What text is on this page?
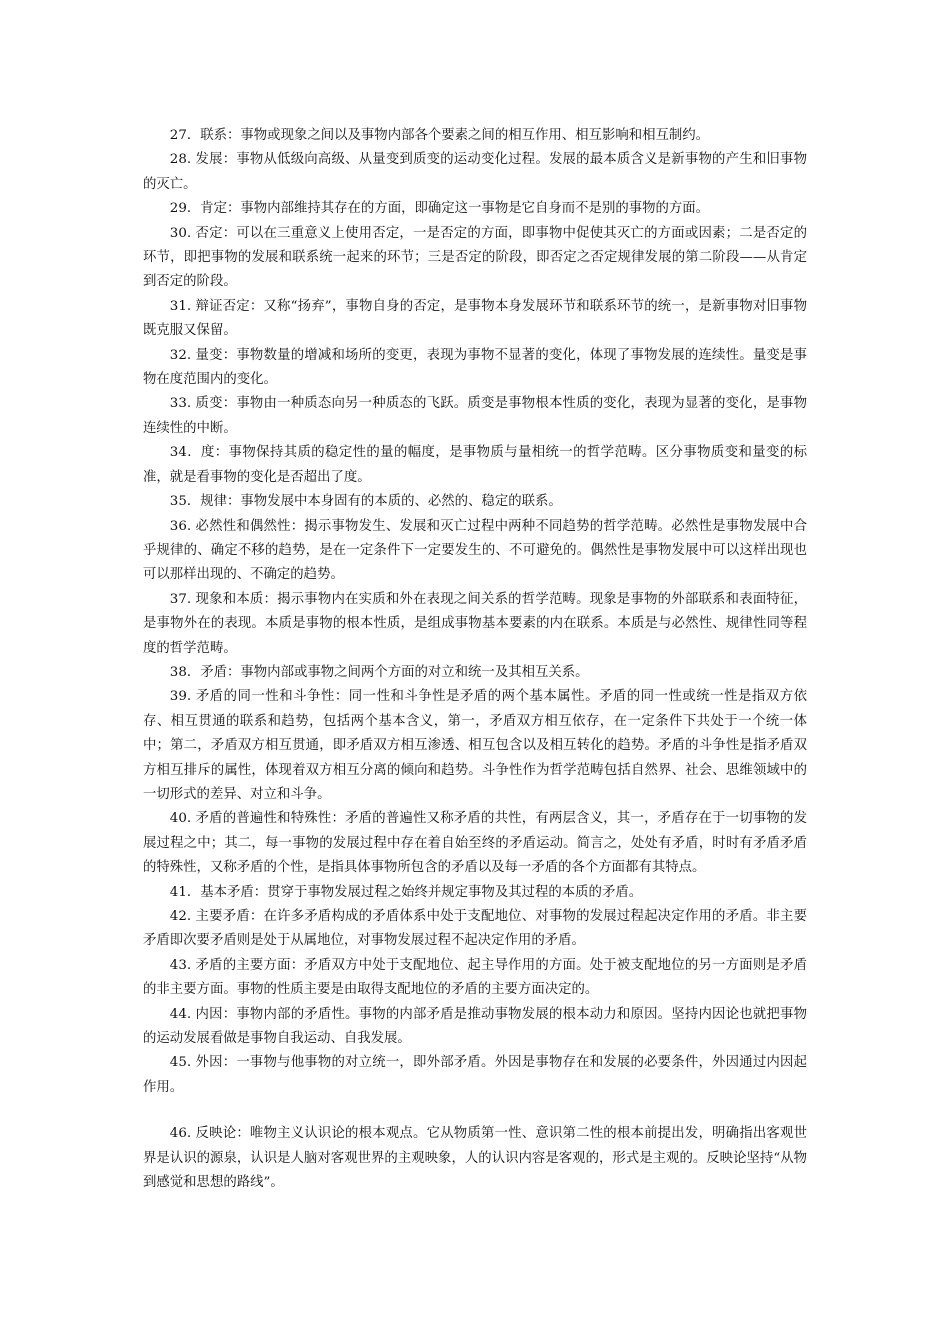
27．联系：事物或现象之间以及事物内部各个要素之间的相互作用、相互影响和相互制约。

28. 发展：事物从低级向高级、从量变到质变的运动变化过程。发展的最本质含义是新事物的产生和旧事物的灭亡。

29．肯定：事物内部维持其存在的方面，即确定这一事物是它自身而不是别的事物的方面。

30. 否定：可以在三重意义上使用否定，一是否定的方面，即事物中促使其灭亡的方面或因素；二是否定的环节，即把事物的发展和联系统一起来的环节；三是否定的阶段，即否定之否定规律发展的第二阶段——从肯定到否定的阶段。

31. 辩证否定：又称“扬弃”，事物自身的否定，是事物本身发展环节和联系环节的统一，是新事物对旧事物既克服又保留。

32. 量变：事物数量的增减和场所的变更，表现为事物不显著的变化，体现了事物发展的连续性。量变是事物在度范围内的变化。

33. 质变：事物由一种质态向另一种质态的飞跃。质变是事物根本性质的变化，表现为显著的变化，是事物连续性的中断。

34．度：事物保持其质的稳定性的量的幅度，是事物质与量相统一的哲学范畴。区分事物质变和量变的标准，就是看事物的变化是否超出了度。

35．规律：事物发展中本身固有的本质的、必然的、稳定的联系。

36. 必然性和偶然性：揭示事物发生、发展和灭亡过程中两种不同趋势的哲学范畴。必然性是事物发展中合乎规律的、确定不移的趋势，是在一定条件下一定要发生的、不可避免的。偶然性是事物发展中可以这样出现也可以那样出现的、不确定的趋势。

37. 现象和本质：揭示事物内在实质和外在表现之间关系的哲学范畴。现象是事物的外部联系和表面特征，是事物外在的表现。本质是事物的根本性质，是组成事物基本要素的内在联系。本质是与必然性、规律性同等程度的哲学范畴。

38．矛盾：事物内部或事物之间两个方面的对立和统一及其相互关系。

39. 矛盾的同一性和斗争性：同一性和斗争性是矛盾的两个基本属性。矛盾的同一性或统一性是指双方依存、相互贯通的联系和趋势，包括两个基本含义，第一，矛盾双方相互依存，在一定条件下共处于一个统一体中；第二，矛盾双方相互贯通，即矛盾双方相互渗透、相互包含以及相互转化的趋势。矛盾的斗争性是指矛盾双方相互排斥的属性，体现着双方相互分离的倾向和趋势。斗争性作为哲学范畴包括自然界、社会、思维领域中的一切形式的差异、对立和斗争。

40. 矛盾的普遍性和特殊性：矛盾的普遍性又称矛盾的共性，有两层含义，其一，矛盾存在于一切事物的发展过程之中；其二，每一事物的发展过程中存在着自始至终的矛盾运动。简言之，处处有矛盾，时时有矛盾矛盾的特殊性，又称矛盾的个性，是指具体事物所包含的矛盾以及每一矛盾的各个方面都有其特点。

41．基本矛盾：贯穿于事物发展过程之始终并规定事物及其过程的本质的矛盾。

42. 主要矛盾：在许多矛盾构成的矛盾体系中处于支配地位、对事物的发展过程起决定作用的矛盾。非主要矛盾即次要矛盾则是处于从属地位，对事物发展过程不起决定作用的矛盾。

43. 矛盾的主要方面：矛盾双方中处于支配地位、起主导作用的方面。处于被支配地位的另一方面则是矛盾的非主要方面。事物的性质主要是由取得支配地位的矛盾的主要方面决定的。

44. 内因：事物内部的矛盾性。事物的内部矛盾是推动事物发展的根本动力和原因。坚持内因论也就把事物的运动发展看做是事物自我运动、自我发展。

45. 外因：一事物与他事物的对立统一，即外部矛盾。外因是事物存在和发展的必要条件，外因通过内因起作用。

46. 反映论：唯物主义认识论的根本观点。它从物质第一性、意识第二性的根本前提出发，明确指出客观世界是认识的源泉，认识是人脑对客观世界的主观映象，人的认识内容是客观的，形式是主观的。反映论坚持“从物到感觉和思想的路线”。
